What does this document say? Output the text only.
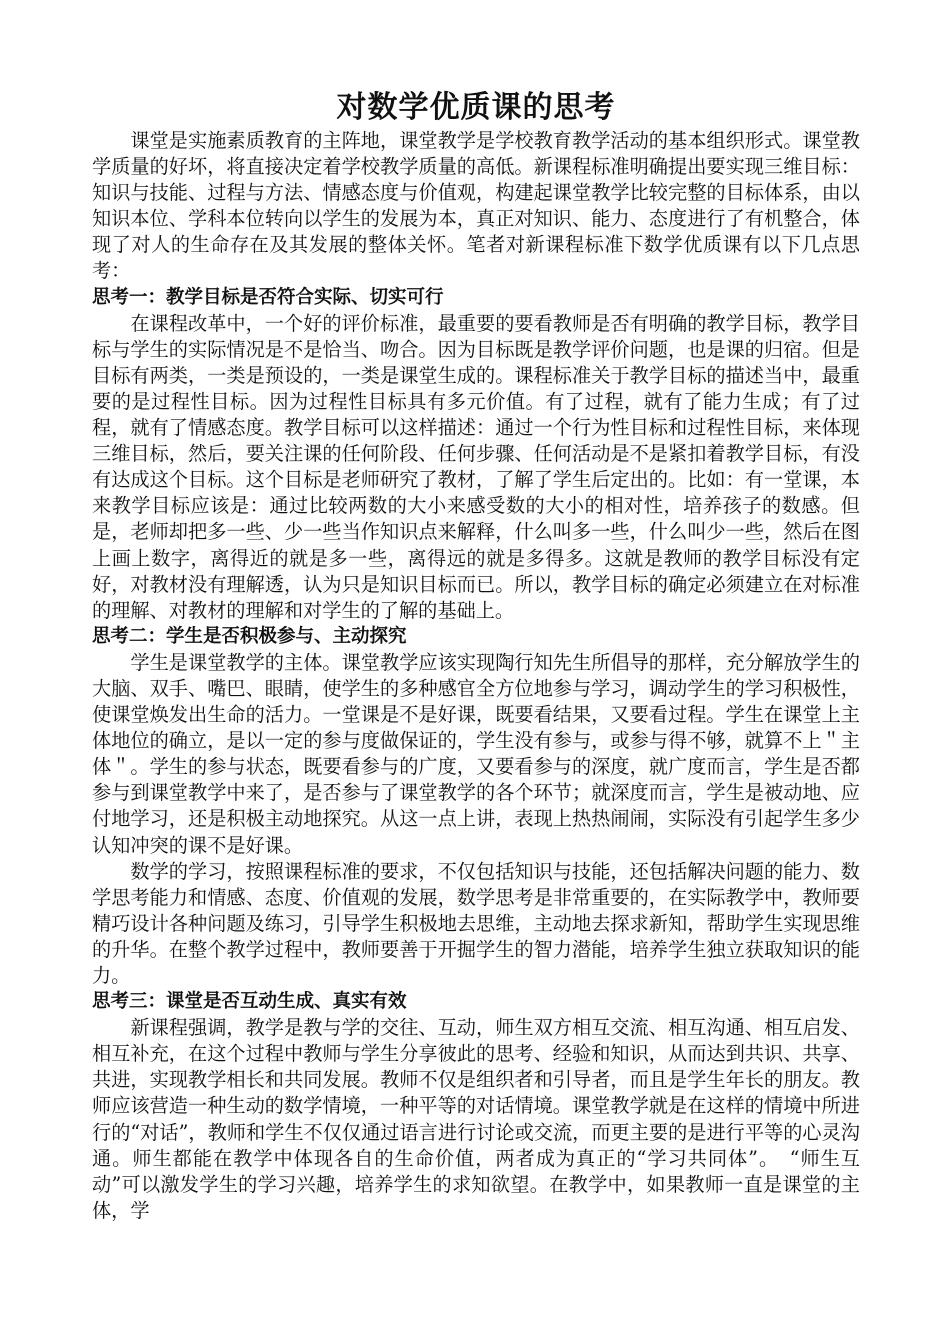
对数学优质课的思考

课堂是实施素质教育的主阵地，课堂教学是学校教育教学活动的基本组织形式。课堂教学质量的好坏，将直接决定着学校教学质量的高低。新课程标准明确提出要实现三维目标：知识与技能、过程与方法、情感态度与价值观，构建起课堂教学比较完整的目标体系，由以知识本位、学科本位转向以学生的发展为本，真正对知识、能力、态度进行了有机整合，体现了对人的生命存在及其发展的整体关怀。笔者对新课程标准下数学优质课有以下几点思考：

思考一：教学目标是否符合实际、切实可行

在课程改革中，一个好的评价标准，最重要的要看教师是否有明确的教学目标，教学目标与学生的实际情况是不是恰当、吻合。因为目标既是教学评价问题，也是课的归宿。但是目标有两类，一类是预设的，一类是课堂生成的。课程标准关于教学目标的描述当中，最重要的是过程性目标。因为过程性目标具有多元价值。有了过程，就有了能力生成；有了过程，就有了情感态度。教学目标可以这样描述：通过一个行为性目标和过程性目标，来体现三维目标，然后，要关注课的任何阶段、任何步骤、任何活动是不是紧扣着教学目标，有没有达成这个目标。这个目标是老师研究了教材，了解了学生后定出的。比如：有一堂课，本来教学目标应该是：通过比较两数的大小来感受数的大小的相对性，培养孩子的数感。但是，老师却把多一些、少一些当作知识点来解释，什么叫多一些，什么叫少一些，然后在图上画上数字，离得近的就是多一些，离得远的就是多得多。这就是教师的教学目标没有定好，对教材没有理解透，认为只是知识目标而已。所以，教学目标的确定必须建立在对标准的理解、对教材的理解和对学生的了解的基础上。

思考二：学生是否积极参与、主动探究

学生是课堂教学的主体。课堂教学应该实现陶行知先生所倡导的那样，充分解放学生的大脑、双手、嘴巴、眼睛，使学生的多种感官全方位地参与学习，调动学生的学习积极性，使课堂焕发出生命的活力。一堂课是不是好课，既要看结果，又要看过程。学生在课堂上主体地位的确立，是以一定的参与度做保证的，学生没有参与，或参与得不够，就算不上＂主体＂。学生的参与状态，既要看参与的广度，又要看参与的深度，就广度而言，学生是否都参与到课堂教学中来了，是否参与了课堂教学的各个环节；就深度而言，学生是被动地、应付地学习，还是积极主动地探究。从这一点上讲，表现上热热闹闹，实际没有引起学生多少认知冲突的课不是好课。

数学的学习，按照课程标准的要求，不仅包括知识与技能，还包括解决问题的能力、数学思考能力和情感、态度、价值观的发展，数学思考是非常重要的，在实际教学中，教师要精巧设计各种问题及练习，引导学生积极地去思维，主动地去探求新知，帮助学生实现思维的升华。在整个教学过程中，教师要善于开掘学生的智力潜能，培养学生独立获取知识的能力。

思考三：课堂是否互动生成、真实有效

新课程强调，教学是教与学的交往、互动，师生双方相互交流、相互沟通、相互启发、相互补充，在这个过程中教师与学生分享彼此的思考、经验和知识，从而达到共识、共享、共进，实现教学相长和共同发展。教师不仅是组织者和引导者，而且是学生年长的朋友。教师应该营造一种生动的数学情境，一种平等的对话情境。课堂教学就是在这样的情境中所进行的“对话”，教师和学生不仅仅通过语言进行讨论或交流，而更主要的是进行平等的心灵沟通。师生都能在教学中体现各自的生命价值，两者成为真正的“学习共同体”。　“师生互动”可以激发学生的学习兴趣，培养学生的求知欲望。在教学中，如果教师一直是课堂的主体，学
